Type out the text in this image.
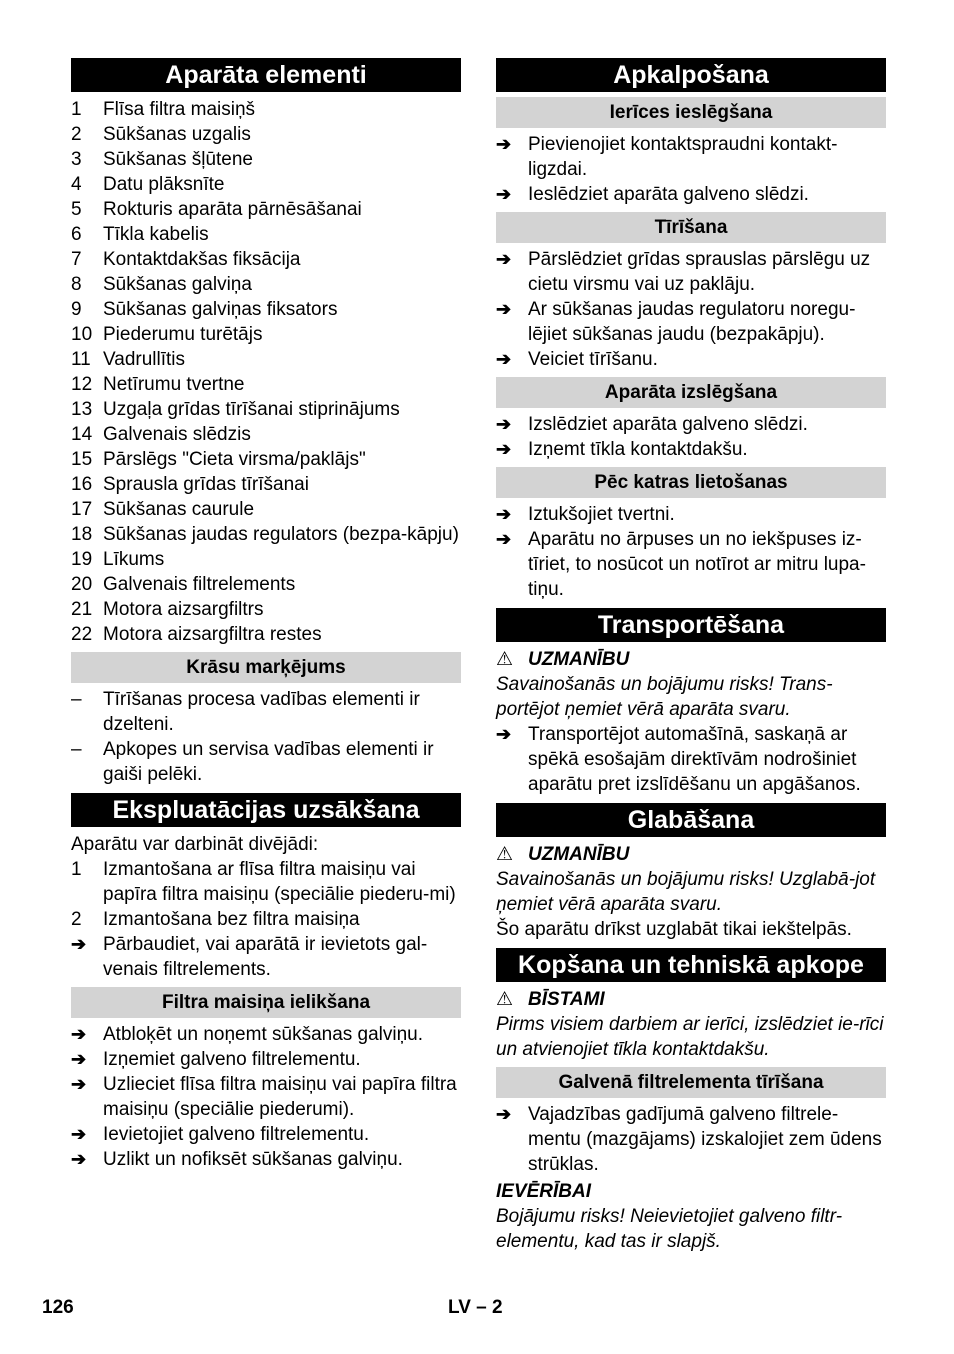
Aparāta elementi
1	Flīsa filtra maisiņš
2	Sūkšanas uzgalis
3	Sūkšanas šļūtene
4	Datu plāksnīte
5	Rokturis aparāta pārnēsāšanai
6	Tīkla kabelis
7	Kontaktdakšas fiksācija
8	Sūkšanas galviņa
9	Sūkšanas galviņas fiksators
10 Piederumu turētājs
11 Vadrullītis
12 Netīrumu tvertne
13 Uzgaļa grīdas tīrīšanai stiprinājums
14 Galvenais slēdzis
15 Pārslēgs "Cieta virsma/paklājs"
16 Sprausla grīdas tīrīšanai
17 Sūkšanas caurule
18 Sūkšanas jaudas regulators (bezpa-kāpju)
19 Līkums
20 Galvenais filtrelements
21 Motora aizsargfiltrs
22 Motora aizsargfiltra restes
Krāsu marķējums
–	Tīrīšanas procesa vadības elementi ir dzelteni.
–	Apkopes un servisa vadības elementi ir gaiši pelēki.
Ekspluatācijas uzsākšana
Aparātu var darbināt divējādi:
1	Izmantošana ar flīsa filtra maisiņu vai papīra filtra maisiņu (speciālie piederu-mi)
2	Izmantošana bez filtra maisiņa
➔ Pārbaudiet, vai aparātā ir ievietots gal-venais filtrelements.
Filtra maisiņa ielikšana
➔ Atbloķēt un noņemt sūkšanas galviņu.
➔ Izņemiet galveno filtrelementu.
➔ Uzlieciet flīsa filtra maisiņu vai papīra filtra maisiņu (speciālie piederumi).
➔ Ievietojiet galveno filtrelementu.
➔ Uzlikt un nofiksēt sūkšanas galviņu.
Apkalpošana
Ierīces ieslēgšana
➔ Pievienojiet kontaktspraudni kontakt-ligzdai.
➔ Ieslēdziet aparāta galveno slēdzi.
Tīrīšana
➔ Pārslēdziet grīdas sprauslas pārslēgu uz cietu virsmu vai uz paklāju.
➔ Ar sūkšanas jaudas regulatoru noregu-lējiet sūkšanas jaudu (bezpakāpju).
➔ Veiciet tīrīšanu.
Aparāta izslēgšana
➔ Izslēdziet aparāta galveno slēdzi.
➔ Izņemt tīkla kontaktdakšu.
Pēc katras lietošanas
➔ Iztukšojiet tvertni.
➔ Aparātu no ārpuses un no iekšpuses iz-tīriet, to nosūcot un notīrot ar mitru lupa-tiņu.
Transportēšana
⚠ UZMANĪBU
Savainošanās un bojājumu risks! Trans-portējot ņemiet vērā aparāta svaru.
➔ Transportējot automašīnā, saskaņā ar spēkā esošajām direktīvām nodrošiniet aparātu pret izslīdēšanu un apgāšanos.
Glabāšana
⚠ UZMANĪBU
Savainošanās un bojājumu risks! Uzglabā-jot ņemiet vērā aparāta svaru.
Šo aparātu drīkst uzglabāt tikai iekštelpās.
Kopšana un tehniskā apkope
⚠ BĪSTAMI
Pirms visiem darbiem ar ierīci, izslēdziet ie-rīci un atvienojiet tīkla kontaktdakšu.
Galvenā filtrelementa tīrīšana
➔ Vajadzības gadījumā galveno filtrele-mentu (mazgājams) izskalojiet zem ūdens strūklas.
IEVĒRĪBAI
Bojājumu risks! Neievietojiet galveno filtr-elementu, kad tas ir slapjš.
126	LV – 2
